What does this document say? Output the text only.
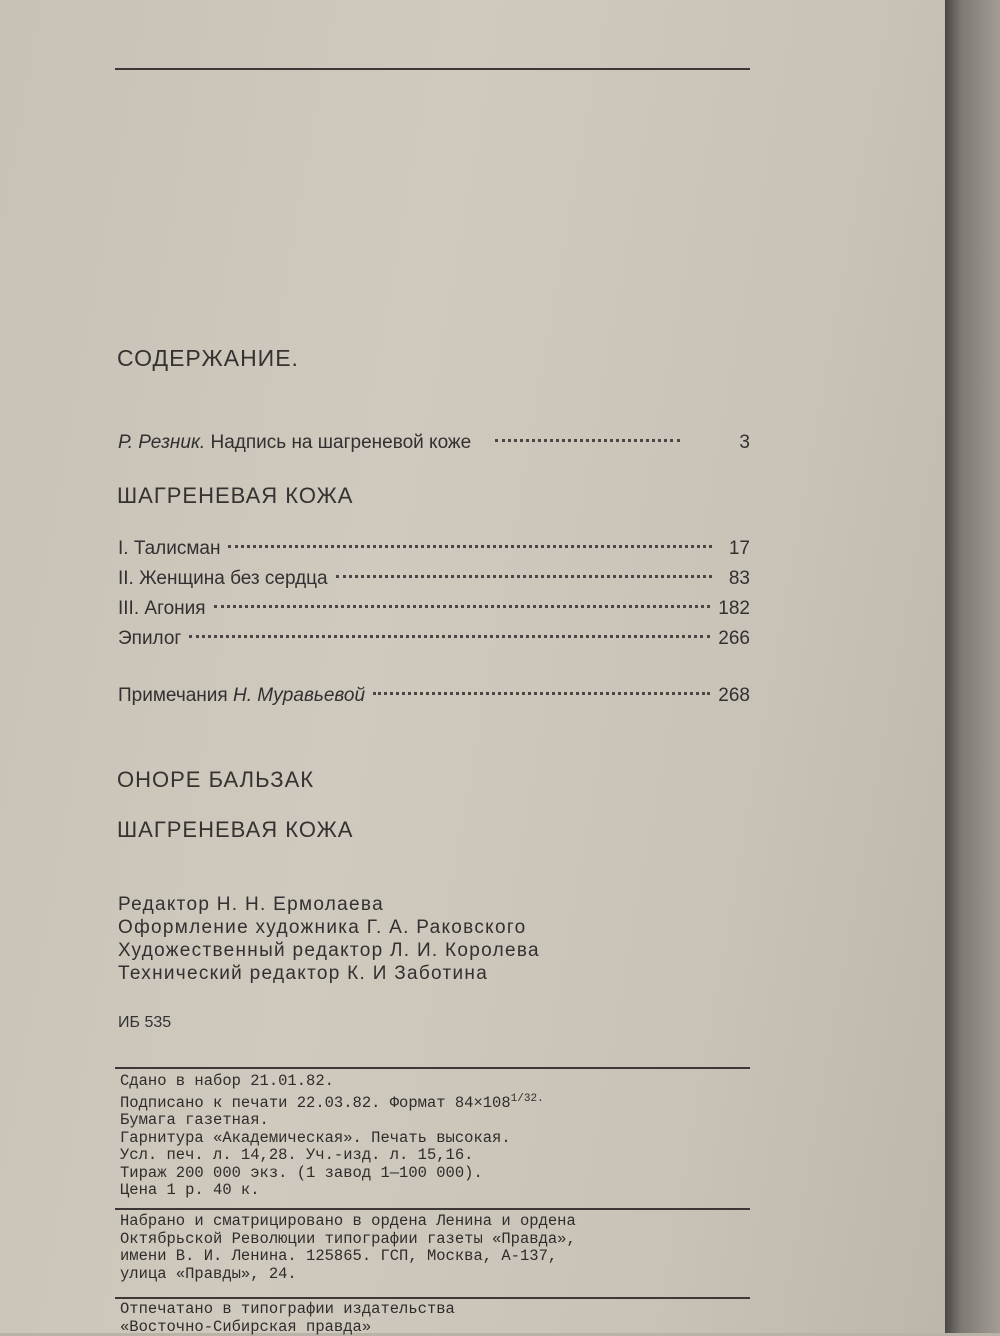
СОДЕРЖАНИЕ.
Р. Резник. Надпись на шагреневой коже	3
ШАГРЕНЕВАЯ КОЖА
I. Талисман	17
II. Женщина без сердца	83
III. Агония	182
Эпилог	266
Примечания Н. Муравьевой	268
ОНОРЕ БАЛЬЗАК
ШАГРЕНЕВАЯ КОЖА
Редактор Н. Н. Ермолаева
Оформление художника Г. А. Раковского
Художественный редактор Л. И. Королева
Технический редактор К. И Заботина
ИБ 535
Сдано в набор 21.01.82.
Подписано к печати 22.03.82. Формат $84\times 108^{1/32.}$
Бумага газетная.
Гарнитура «Академическая». Печать высокая.
Усл. печ. л. 14,28. Уч.-изд. л. 15,16.
Тираж 200 000 экз. (1 завод 1—100 000).
Цена 1 р. 40 к.
Набрано и сматрицировано в ордена Ленина и ордена
Октябрьской Революции типографии газеты «Правда»,
имени В. И. Ленина. 125865. ГСП, Москва, А-137,
улица «Правды», 24.
Отпечатано в типографии издательства
«Восточно-Сибирская правда»
